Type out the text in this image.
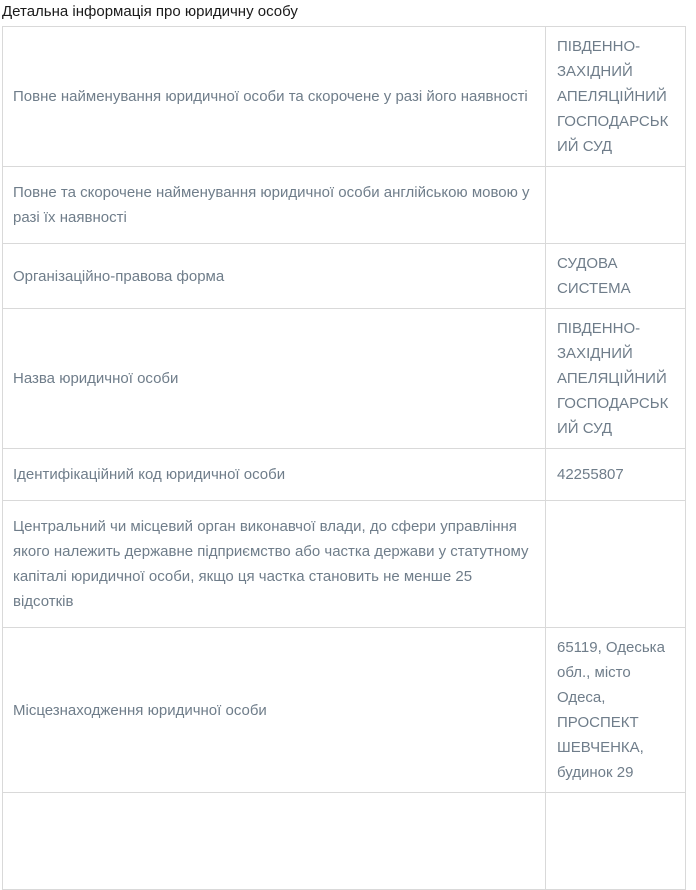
Детальна інформація про юридичну особу
Повне найменування юридичної особи та скорочене у разі його наявності	ПІВДЕННО-ЗАХІДНИЙ АПЕЛЯЦІЙНИЙ ГОСПОДАРСЬКИЙ СУД
Повне та скорочене найменування юридичної особи англійською мовою у разі їх наявності	
Організаційно-правова форма	СУДОВА СИСТЕМА
Назва юридичної особи	ПІВДЕННО-ЗАХІДНИЙ АПЕЛЯЦІЙНИЙ ГОСПОДАРСЬКИЙ СУД
Ідентифікаційний код юридичної особи	42255807
Центральний чи місцевий орган виконавчої влади, до сфери управління якого належить державне підприємство або частка держави у статутному капіталі юридичної особи, якщо ця частка становить не менше 25 відсотків	
Місцезнаходження юридичної особи	65119, Одеська обл., місто Одеса, ПРОСПЕКТ ШЕВЧЕНКА, будинок 29
